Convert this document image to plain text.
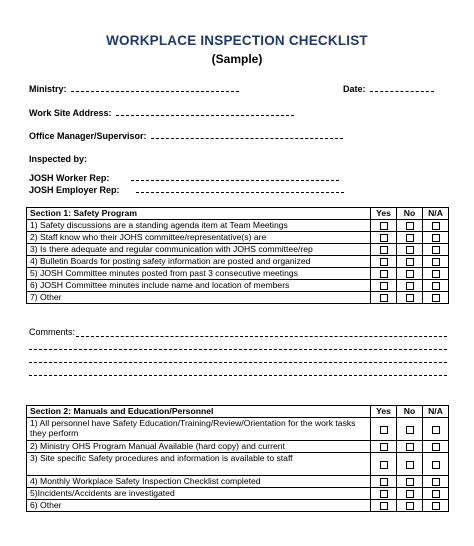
WORKPLACE INSPECTION CHECKLIST
(Sample)
Ministry:	Date:
Work Site Address:
Office Manager/Supervisor:
Inspected by:
JOSH Worker Rep:
JOSH Employer Rep:
Section 1: Safety Program	Yes	No	N/A
1) Safety discussions are a standing agenda item at Team Meetings			
2) Staff know who their JOHS committee/representative(s) are			
3) Is there adequate and regular communication with JOHS committee/rep			
4) Bulletin Boards for posting safety information are posted and organized			
5) JOSH Committee minutes posted from past 3 consecutive meetings			
6) JOSH Committee minutes include name and location of members			
7) Other			
Comments:
Section 2: Manuals and Education/Personnel	Yes	No	N/A
1) All personnel have Safety Education/Training/Review/Orientation for the work tasks they perform			
2) Ministry OHS Program Manual Available (hard copy) and current			
3) Site specific Safety procedures and information is available to staff			
4) Monthly Workplace Safety Inspection Checklist completed			
5)Incidents/Accidents are investigated			
6) Other			
